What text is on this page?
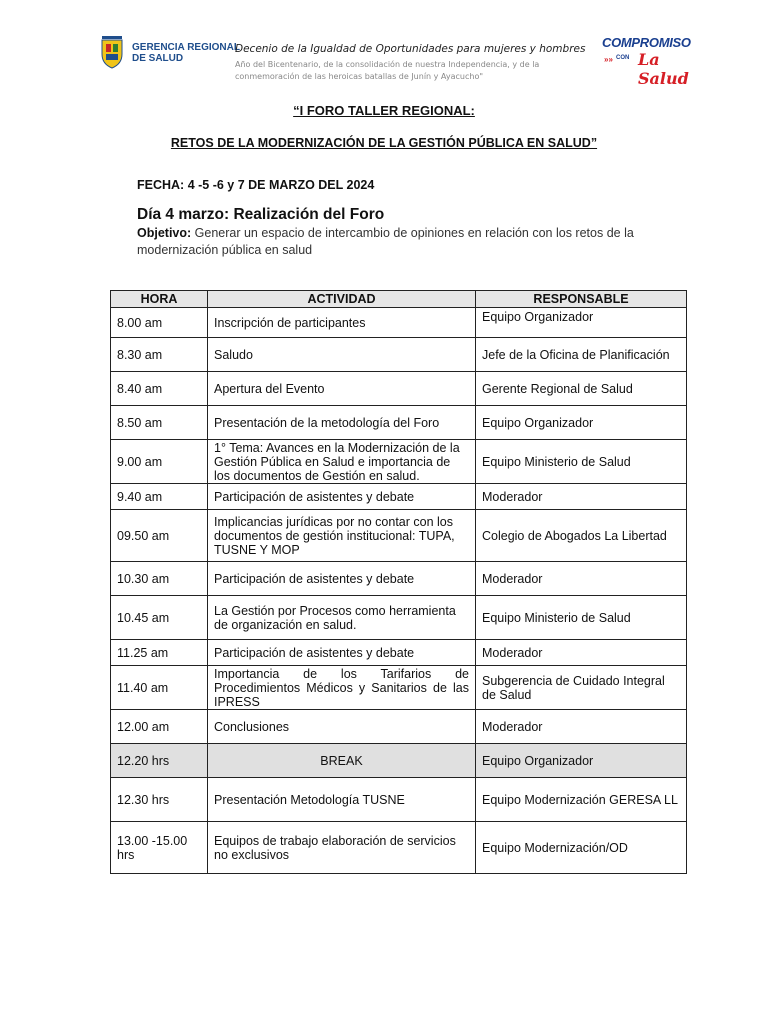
GERENCIA REGIONAL
DE SALUD
Decenio de la Igualdad de Oportunidades para mujeres y hombres
Año del Bicentenario, de la consolidación de nuestra Independencia, y de la conmemoración de las heroicas batallas de Junín y Ayacucho"
COMPROMISO
»» CON La Salud
“I FORO TALLER REGIONAL:
RETOS DE LA MODERNIZACIÓN DE LA GESTIÓN PÚBLICA EN SALUD”
FECHA: 4 -5 -6 y 7 DE MARZO DEL 2024
Día 4 marzo: Realización del Foro
Objetivo: Generar un espacio de intercambio de opiniones en relación con los retos de la modernización pública en salud
HORA	ACTIVIDAD	RESPONSABLE
8.00 am	Inscripción de participantes	Equipo Organizador
8.30 am	Saludo	Jefe de la Oficina de Planificación
8.40 am	Apertura del Evento	Gerente Regional de Salud
8.50 am	Presentación de la metodología del Foro	Equipo Organizador
9.00 am	1° Tema: Avances en la Modernización de la Gestión Pública en Salud e importancia de los documentos de Gestión en salud.	Equipo Ministerio de Salud
9.40 am	Participación de asistentes y debate	Moderador
09.50 am	Implicancias jurídicas por no contar con los documentos de gestión institucional: TUPA, TUSNE Y MOP	Colegio de Abogados La Libertad
10.30 am	Participación de asistentes y debate	Moderador
10.45 am	La Gestión por Procesos como herramienta de organización en salud.	Equipo Ministerio de Salud
11.25 am	Participación de asistentes y debate	Moderador
11.40 am	Importancia de los Tarifarios de Procedimientos Médicos y Sanitarios de las IPRESS	Subgerencia de Cuidado Integral de Salud
12.00 am	Conclusiones	Moderador
12.20 hrs	BREAK	Equipo Organizador
12.30 hrs	Presentación Metodología TUSNE	Equipo Modernización GERESA LL
13.00 -15.00 hrs	Equipos de trabajo elaboración de servicios no exclusivos	Equipo Modernización/OD
